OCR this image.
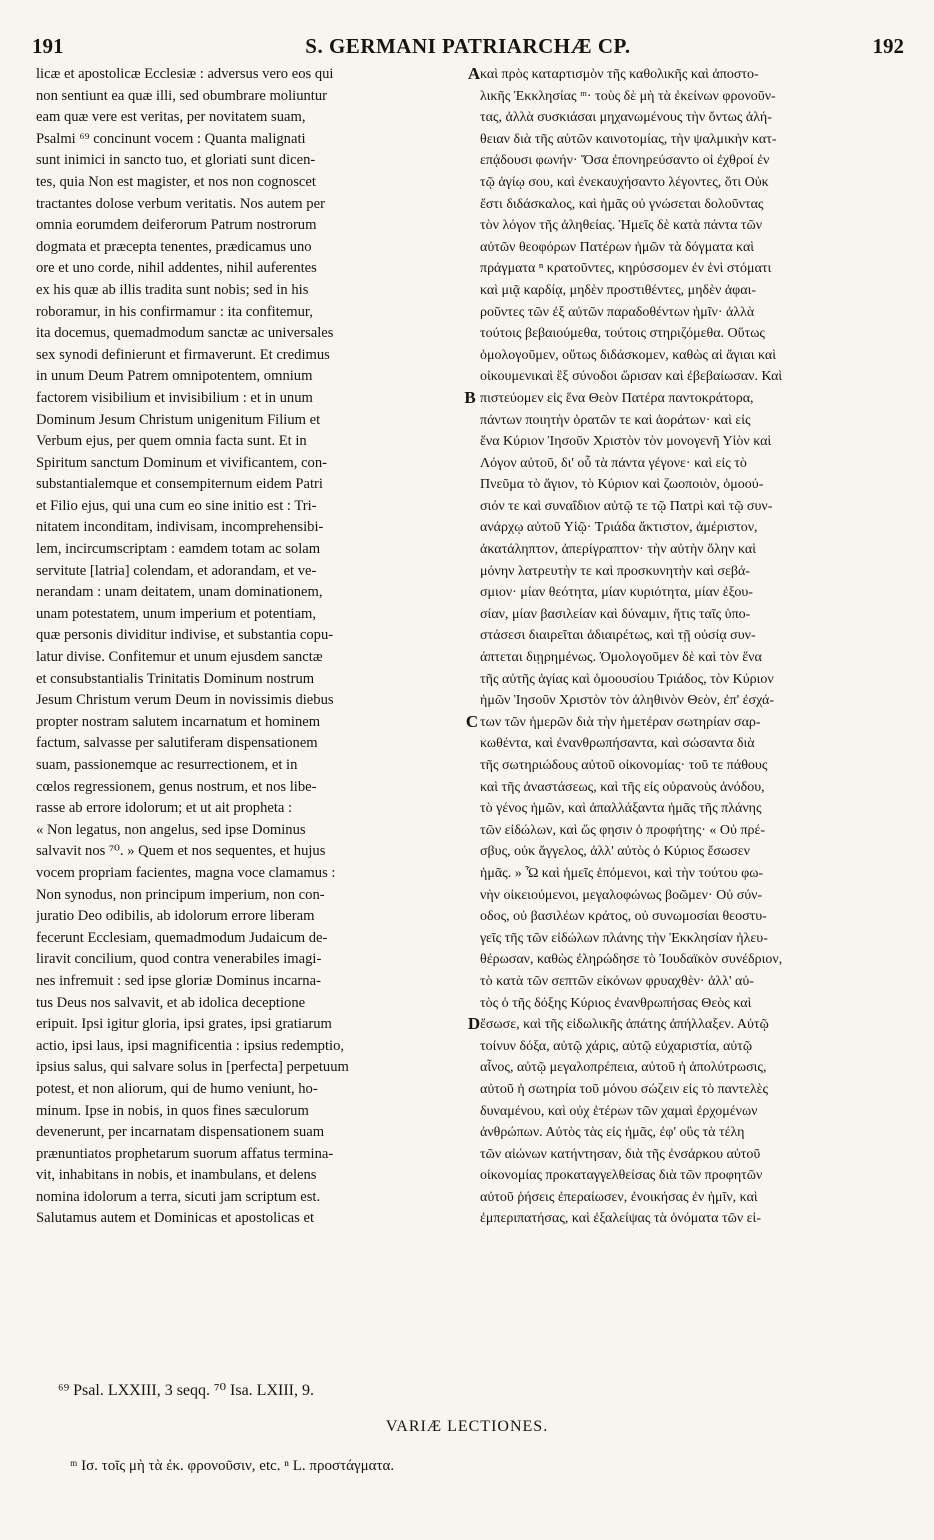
191	S. GERMANI PATRIARCHÆ CP.	192
licæ et apostolicæ Ecclesiæ : adversus vero eos qui
non sentiunt ea quæ illi, sed obumbrare moliuntur
eam quæ vere est veritas, per novitatem suam,
Psalmi ⁶⁹ concinunt vocem : Quanta malignati
sunt inimici in sancto tuo, et gloriati sunt dicen-
tes, quia Non est magister, et nos non cognoscet
tractantes dolose verbum veritatis. Nos autem per
omnia eorumdem deiferorum Patrum nostrorum
dogmata et præcepta tenentes, prædicamus uno
ore et uno corde, nihil addentes, nihil auferentes
ex his quæ ab illis tradita sunt nobis; sed in his
roboramur, in his confirmamur : ita confitemur,
ita docemus, quemadmodum sanctæ ac universales
sex synodi definierunt et firmaverunt. Et credimus
in unum Deum Patrem omnipotentem, omnium
factorem visibilium et invisibilium : et in unum
Dominum Jesum Christum unigenitum Filium et
Verbum ejus, per quem omnia facta sunt. Et in
Spiritum sanctum Dominum et vivificantem, con-
substantialemque et consempiternum eidem Patri
et Filio ejus, qui una cum eo sine initio est : Tri-
nitatem inconditam, indivisam, incomprehensibi-
lem, incircumscriptam : eamdem totam ac solam
servitute [latria] colendam, et adorandam, et ve-
nerandam : unam deitatem, unam dominationem,
unam potestatem, unum imperium et potentiam,
quæ personis dividitur indivise, et substantia copu-
latur divise. Confitemur et unum ejusdem sanctæ
et consubstantialis Trinitatis Dominum nostrum
Jesum Christum verum Deum in novissimis diebus
propter nostram salutem incarnatum et hominem
factum, salvasse per salutiferam dispensationem
suam, passionemque ac resurrectionem, et in
cœlos regressionem, genus nostrum, et nos libe-
rasse ab errore idolorum; et ut ait propheta :
« Non legatus, non angelus, sed ipse Dominus
salvavit nos ⁷⁰. » Quem et nos sequentes, et hujus
vocem propriam facientes, magna voce clamamus :
Non synodus, non principum imperium, non con-
juratio Deo odibilis, ab idolorum errore liberam
fecerunt Ecclesiam, quemadmodum Judaicum de-
liravit concilium, quod contra venerabiles imagi-
nes infremuit : sed ipse gloriæ Dominus incarna-
tus Deus nos salvavit, et ab idolica deceptione
eripuit. Ipsi igitur gloria, ipsi grates, ipsi gratiarum
actio, ipsi laus, ipsi magnificentia : ipsius redemptio,
ipsius salus, qui salvare solus in [perfecta] perpetuum
potest, et non aliorum, qui de humo veniunt, ho-
minum. Ipse in nobis, in quos fines sæculorum
devenerunt, per incarnatam dispensationem suam
prænuntiatos prophetarum suorum affatus termina-
vit, inhabitans in nobis, et inambulans, et delens
nomina idolorum a terra, sicuti jam scriptum est.
Salutamus autem et Dominicas et apostolicas et
καὶ πρὸς καταρτισμὸν τῆς καθολικῆς καὶ ἀποστο-
λικῆς Ἐκκλησίας ᵐ· τοὺς δὲ μὴ τὰ ἐκείνων φρονοῦν-
τας, ἀλλὰ συσκιάσαι μηχανωμένους τὴν ὄντως ἀλή-
θειαν διὰ τῆς αὐτῶν καινοτομίας, τὴν ψαλμικὴν κατ-
επᾴδουσι φωνήν· Ὅσα ἐπονηρεύσαντο οἱ ἐχθροί ἐν
τῷ ἁγίῳ σου, καὶ ἐνεκαυχήσαντο λέγοντες, ὅτι Οὐκ
ἔστι διδάσκαλος, καὶ ἡμᾶς οὐ γνώσεται δολοῦντας
τὸν λόγον τῆς ἀληθείας. Ἡμεῖς δὲ κατὰ πάντα τῶν
αὐτῶν θεοφόρων Πατέρων ἡμῶν τὰ δόγματα καὶ
πράγματα ⁿ κρατοῦντες, κηρύσσομεν ἐν ἑνὶ στόματι
καὶ μιᾷ καρδίᾳ, μηδὲν προστιθέντες, μηδὲν ἀφαι-
ροῦντες τῶν ἐξ αὐτῶν παραδοθέντων ἡμῖν· ἀλλὰ
τούτοις βεβαιούμεθα, τούτοις στηριζόμεθα. Οὕτως
ὁμολογοῦμεν, οὕτως διδάσκομεν, καθὼς αἱ ἅγιαι καὶ
οἰκουμενικαὶ ἓξ σύνοδοι ὥρισαν καὶ ἐβεβαίωσαν. Καὶ
πιστεύομεν εἰς ἕνα Θεὸν Πατέρα παντοκράτορα,
πάντων ποιητὴν ὁρατῶν τε καὶ ἀοράτων· καὶ εἰς
ἕνα Κύριον Ἰησοῦν Χριστὸν τὸν μονογενῆ Υἱὸν καὶ
Λόγον αὐτοῦ, δι' οὗ τὰ πάντα γέγονε· καὶ εἰς τὸ
Πνεῦμα τὸ ἅγιον, τὸ Κύριον καὶ ζωοποιὸν, ὁμοού-
σιόν τε καὶ συναΐδιον αὐτῷ τε τῷ Πατρὶ καὶ τῷ συν-
ανάρχῳ αὐτοῦ Υἱῷ· Τριάδα ἄκτιστον, ἀμέριστον,
ἀκατάληπτον, ἀπερίγραπτον· τὴν αὐτὴν ὅλην καὶ
μόνην λατρευτὴν τε καὶ προσκυνητὴν καὶ σεβά-
σμιον· μίαν θεότητα, μίαν κυριότητα, μίαν ἐξου-
σίαν, μίαν βασιλείαν καὶ δύναμιν, ἥτις ταῖς ὑπο-
στάσεσι διαιρεῖται ἀδιαιρέτως, καὶ τῇ οὐσίᾳ συν-
άπτεται διῃρημένως. Ὁμολογοῦμεν δὲ καὶ τὸν ἕνα
τῆς αὐτῆς ἁγίας καὶ ὁμοουσίου Τριάδος, τὸν Κύριον
ἡμῶν Ἰησοῦν Χριστὸν τὸν ἀληθινὸν Θεὸν, ἐπ' ἐσχά-
των τῶν ἡμερῶν διὰ τὴν ἡμετέραν σωτηρίαν σαρ-
κωθέντα, καὶ ἐνανθρωπήσαντα, καὶ σώσαντα διὰ
τῆς σωτηριώδους αὐτοῦ οἰκονομίας· τοῦ τε πάθους
καὶ τῆς ἀναστάσεως, καὶ τῆς εἰς οὐρανοὺς ἀνόδου,
τὸ γένος ἡμῶν, καὶ ἀπαλλάξαντα ἡμᾶς τῆς πλάνης
τῶν εἰδώλων, καὶ ὥς φησιν ὁ προφήτης· « Οὐ πρέ-
σβυς, οὐκ ἄγγελος, ἀλλ' αὐτὸς ὁ Κύριος ἔσωσεν
ἡμᾶς. » Ὧ καὶ ἡμεῖς ἑπόμενοι, καὶ τὴν τούτου φω-
νὴν οἰκειούμενοι, μεγαλοφώνως βοῶμεν· Οὐ σύν-
οδος, οὐ βασιλέων κράτος, οὐ συνωμοσίαι θεοστυ-
γεῖς τῆς τῶν εἰδώλων πλάνης τὴν Ἐκκλησίαν ἠλευ-
θέρωσαν, καθὼς ἐληρώδησε τὸ Ἰουδαϊκὸν συνέδριον,
τὸ κατὰ τῶν σεπτῶν εἰκόνων φρυαχθὲν· ἀλλ' αὐ-
τὸς ὁ τῆς δόξης Κύριος ἐνανθρωπήσας Θεὸς καὶ
ἔσωσε, καὶ τῆς εἰδωλικῆς ἀπάτης ἀπήλλαξεν. Αὐτῷ
τοίνυν δόξα, αὐτῷ χάρις, αὐτῷ εὐχαριστία, αὐτῷ
αἶνος, αὐτῷ μεγαλοπρέπεια, αὐτοῦ ἡ ἀπολύτρωσις,
αὐτοῦ ἡ σωτηρία τοῦ μόνου σώζειν εἰς τὸ παντελὲς
δυναμένου, καὶ οὐχ ἑτέρων τῶν χαμαὶ ἐρχομένων
ἀνθρώπων. Αὐτὸς τὰς εἰς ἡμᾶς, ἐφ' οὓς τὰ τέλη
τῶν αἰώνων κατήντησαν, διὰ τῆς ἐνσάρκου αὐτοῦ
οἰκονομίας προκαταγγελθείσας διὰ τῶν προφητῶν
αὐτοῦ ῥήσεις ἐπεραίωσεν, ἐνοικήσας ἐν ἡμῖν, καὶ
ἐμπεριπατήσας, καὶ ἐξαλείψας τὰ ὀνόματα τῶν εἰ-
A
B
C
D
⁶⁹ Psal. LXXIII, 3 seqq. ⁷⁰ Isa. LXIII, 9.
VARIÆ LECTIONES.
ᵐ Ισ. τοῖς μὴ τὰ ἐκ. φρονοῦσιν, etc. ⁿ L. προστάγματα.
